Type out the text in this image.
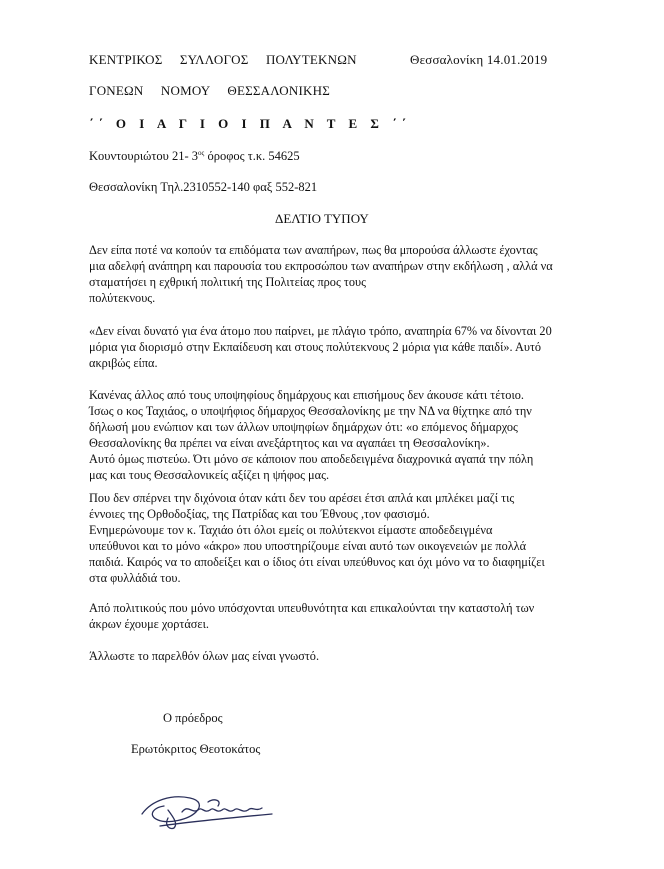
ΚΕΝΤΡΙΚΟΣ ΣΥΛΛΟΓΟΣ ΠΟΛΥΤΕΚΝΩΝ	Θεσσαλονίκη 14.01.2019
ΓΟΝΕΩΝ ΝΟΜΟΥ ΘΕΣΣΑΛΟΝΙΚΗΣ
΄΄ Ο Ι Α Γ Ι Ο Ι Π Α Ν Τ Ε Σ ΄΄
Κουντουριώτου 21- $3^{o\varsigma}$ όροφος τ.κ. 54625
Θεσσαλονίκη Τηλ.2310552-140 φαξ 552-821
ΔΕΛΤΙΟ ΤΥΠΟΥ

Δεν είπα ποτέ να κοπούν τα επιδόματα των αναπήρων, πως θα μπορούσα άλλωστε έχοντας

μια αδελφή ανάπηρη και παρουσία του εκπροσώπου των αναπήρων στην εκδήλωση , αλλά να

σταματήσει η εχθρική πολιτική της Πολιτείας προς τους

πολύτεκνους.

«Δεν είναι δυνατό για ένα άτομο που παίρνει, με πλάγιο τρόπο, αναπηρία 67% να δίνονται 20

μόρια για διορισμό στην Εκπαίδευση και στους πολύτεκνους 2 μόρια για κάθε παιδί». Αυτό

ακριβώς είπα.

Κανένας άλλος από τους υποψηφίους δημάρχους και επισήμους δεν άκουσε κάτι τέτοιο.

Ίσως ο κος Ταχιάος, ο υποψήφιος δήμαρχος Θεσσαλονίκης με την ΝΔ να θίχτηκε από την

δήλωσή μου ενώπιον και των άλλων υποψηφίων δημάρχων ότι: «ο επόμενος δήμαρχος

Θεσσαλονίκης θα πρέπει να είναι ανεξάρτητος και να αγαπάει τη Θεσσαλονίκη».

Αυτό όμως πιστεύω. Ότι μόνο σε κάποιον που αποδεδειγμένα διαχρονικά αγαπά την πόλη

μας και τους Θεσσαλονικείς αξίζει η ψήφος μας.

Που δεν σπέρνει την διχόνοια όταν κάτι δεν του αρέσει έτσι απλά και μπλέκει μαζί τις

έννοιες της Ορθοδοξίας, της Πατρίδας και του Έθνους ,τον φασισμό.

Ενημερώνουμε τον κ. Ταχιάο ότι όλοι εμείς οι πολύτεκνοι είμαστε αποδεδειγμένα

υπεύθυνοι και το μόνο «άκρο» που υποστηρίζουμε είναι αυτό των οικογενειών με πολλά

παιδιά. Καιρός να το αποδείξει και ο ίδιος ότι είναι υπεύθυνος και όχι μόνο να το διαφημίζει

στα φυλλάδιά του.

Από πολιτικούς που μόνο υπόσχονται υπευθυνότητα και επικαλούνται την καταστολή των

άκρων έχουμε χορτάσει.

Άλλωστε το παρελθόν όλων μας είναι γνωστό.

Ο πρόεδρος
Ερωτόκριτος Θεοτοκάτος
